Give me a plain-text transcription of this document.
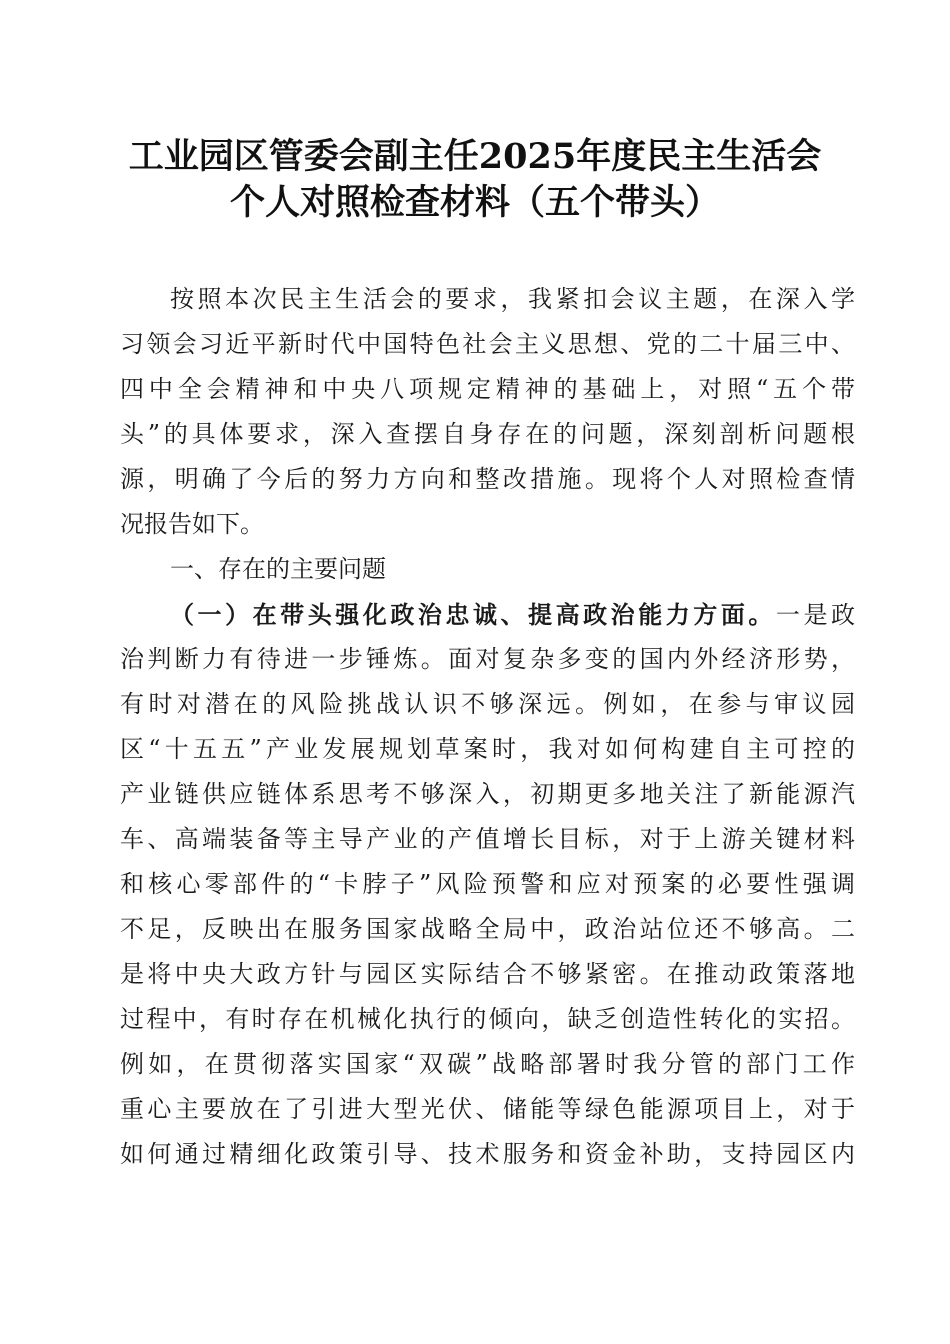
工业园区管委会副主任2025年度民主生活会
个人对照检查材料（五个带头）
按照本次民主生活会的要求，我紧扣会议主题，在深入学
习领会习近平新时代中国特色社会主义思想、党的二十届三中、
四中全会精神和中央八项规定精神的基础上，对照“五个带
头”的具体要求，深入查摆自身存在的问题，深刻剖析问题根
源，明确了今后的努力方向和整改措施。现将个人对照检查情
况报告如下。
一、存在的主要问题
（一）在带头强化政治忠诚、提高政治能力方面。一是政
治判断力有待进一步锤炼。面对复杂多变的国内外经济形势，
有时对潜在的风险挑战认识不够深远。例如，在参与审议园
区“十五五”产业发展规划草案时，我对如何构建自主可控的
产业链供应链体系思考不够深入，初期更多地关注了新能源汽
车、高端装备等主导产业的产值增长目标，对于上游关键材料
和核心零部件的“卡脖子”风险预警和应对预案的必要性强调
不足，反映出在服务国家战略全局中，政治站位还不够高。二
是将中央大政方针与园区实际结合不够紧密。在推动政策落地
过程中，有时存在机械化执行的倾向，缺乏创造性转化的实招。
例如，在贯彻落实国家“双碳”战略部署时我分管的部门工作
重心主要放在了引进大型光伏、储能等绿色能源项目上，对于
如何通过精细化政策引导、技术服务和资金补助，支持园区内
